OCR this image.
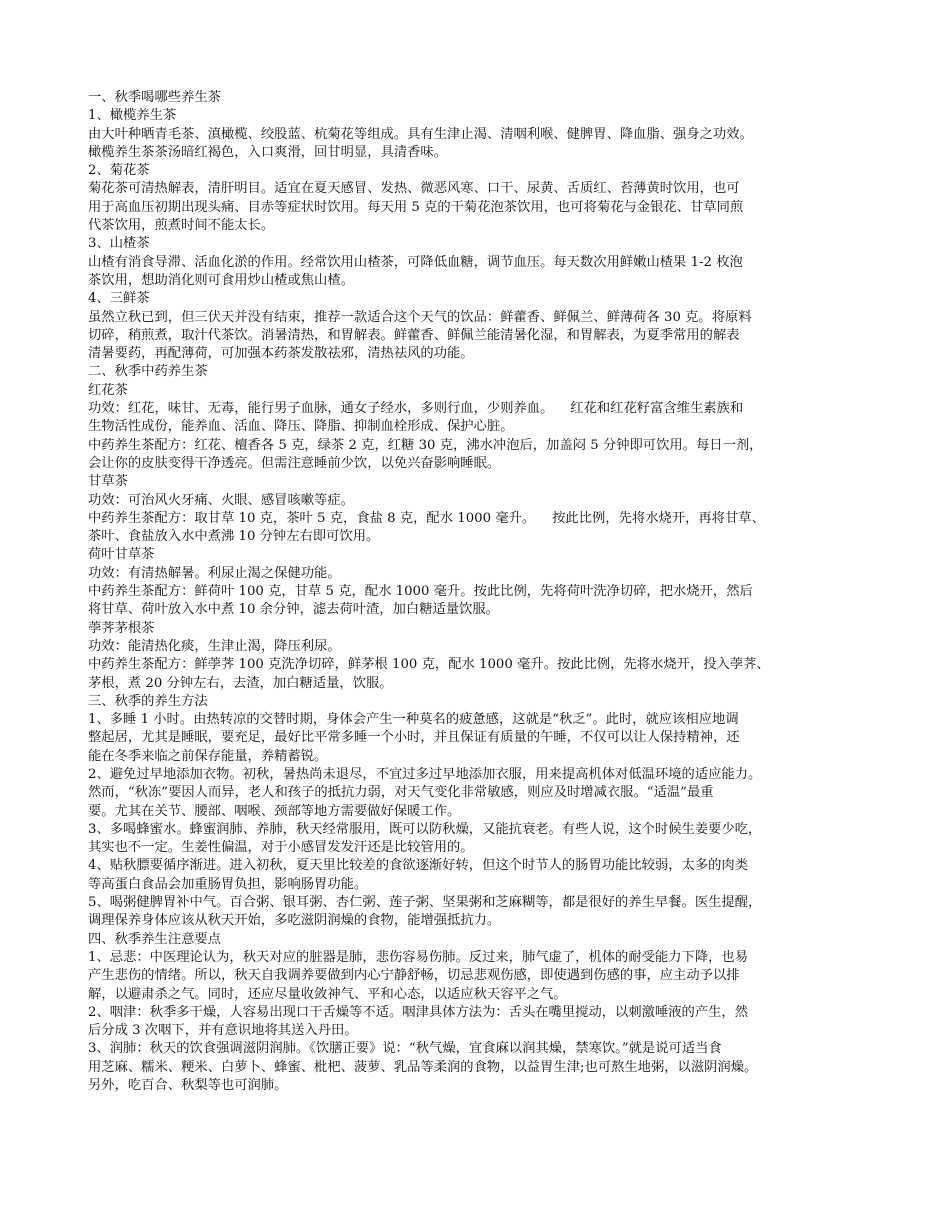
一、秋季喝哪些养生茶
1、橄榄养生茶
由大叶种晒青毛茶、滇橄榄、绞股蓝、杭菊花等组成。具有生津止渴、清咽利喉、健脾胃、降血脂、强身之功效。
橄榄养生茶茶汤暗红褐色，入口爽滑，回甘明显，具清香味。
2、菊花茶
菊花茶可清热解表，清肝明目。适宜在夏天感冒、发热、微恶风寒、口干、尿黄、舌质红、苔薄黄时饮用，也可
用于高血压初期出现头痛、目赤等症状时饮用。每天用 5 克的干菊花泡茶饮用，也可将菊花与金银花、甘草同煎
代茶饮用，煎煮时间不能太长。
3、山楂茶
山楂有消食导滞、活血化淤的作用。经常饮用山楂茶，可降低血糖，调节血压。每天数次用鲜嫩山楂果 1-2 枚泡
茶饮用，想助消化则可食用炒山楂或焦山楂。
4、三鲜茶
虽然立秋已到，但三伏天并没有结束，推荐一款适合这个天气的饮品：鲜藿香、鲜佩兰、鲜薄荷各 30 克。将原料
切碎，稍煎煮，取汁代茶饮。消暑清热，和胃解表。鲜藿香、鲜佩兰能清暑化湿，和胃解表，为夏季常用的解表
清暑要药，再配薄荷，可加强本药茶发散祛邪，清热祛风的功能。
二、秋季中药养生茶
红花茶
功效：红花，味甘、无毒，能行男子血脉，通女子经水，多则行血，少则养血。    红花和红花籽富含维生素族和
生物活性成份，能养血、活血、降压、降脂、抑制血栓形成、保护心脏。
中药养生茶配方：红花、檀香各 5 克，绿茶 2 克，红糖 30 克，沸水冲泡后，加盖闷 5 分钟即可饮用。每日一剂，
会让你的皮肤变得干净透亮。但需注意睡前少饮，以免兴奋影响睡眠。
甘草茶
功效：可治风火牙痛、火眼、感冒咳嗽等症。
中药养生茶配方：取甘草 10 克，茶叶 5 克，食盐 8 克，配水 1000 毫升。    按此比例，先将水烧开，再将甘草、
茶叶、食盐放入水中煮沸 10 分钟左右即可饮用。
荷叶甘草茶
功效：有清热解暑。利尿止渴之保健功能。
中药养生茶配方：鲜荷叶 100 克，甘草 5 克，配水 1000 毫升。按此比例，先将荷叶洗净切碎，把水烧开，然后
将甘草、荷叶放入水中煮 10 余分钟，滤去荷叶渣，加白糖适量饮服。
荸荠茅根茶
功效：能清热化痰，生津止渴，降压利尿。
中药养生茶配方：鲜荸荠 100 克洗净切碎，鲜茅根 100 克，配水 1000 毫升。按此比例，先将水烧开，投入荸荠、
茅根，煮 20 分钟左右，去渣，加白糖适量，饮服。
三、秋季的养生方法
1、多睡 1 小时。由热转凉的交替时期，身体会产生一种莫名的疲惫感，这就是“秋乏”。此时，就应该相应地调
整起居，尤其是睡眠，要充足，最好比平常多睡一个小时，并且保证有质量的午睡，不仅可以让人保持精神，还
能在冬季来临之前保存能量，养精蓄锐。
2、避免过早地添加衣物。初秋，暑热尚未退尽，不宜过多过早地添加衣服，用来提高机体对低温环境的适应能力。
然而，“秋冻”要因人而异，老人和孩子的抵抗力弱，对天气变化非常敏感，则应及时增减衣服。“适温”最重
要。尤其在关节、腰部、咽喉、颈部等地方需要做好保暖工作。
3、多喝蜂蜜水。蜂蜜润肺、养肺，秋天经常服用，既可以防秋燥，又能抗衰老。有些人说，这个时候生姜要少吃，
其实也不一定。生姜性偏温，对于小感冒发发汗还是比较管用的。
4、贴秋膘要循序渐进。进入初秋，夏天里比较差的食欲逐渐好转，但这个时节人的肠胃功能比较弱，太多的肉类
等高蛋白食品会加重肠胃负担，影响肠胃功能。
5、喝粥健脾胃补中气。百合粥、银耳粥、杏仁粥、莲子粥、坚果粥和芝麻糊等，都是很好的养生早餐。医生提醒，
调理保养身体应该从秋天开始，多吃滋阴润燥的食物，能增强抵抗力。
四、秋季养生注意要点
1、忌悲：中医理论认为，秋天对应的脏器是肺，悲伤容易伤肺。反过来，肺气虚了，机体的耐受能力下降，也易
产生悲伤的情绪。所以，秋天自我调养要做到内心宁静舒畅，切忌悲观伤感，即使遇到伤感的事，应主动予以排
解，以避肃杀之气。同时，还应尽量收敛神气、平和心态，以适应秋天容平之气。
2、咽津：秋季多干燥，人容易出现口干舌燥等不适。咽津具体方法为：舌头在嘴里搅动，以刺激唾液的产生，然
后分成 3 次咽下，并有意识地将其送入丹田。
3、润肺：秋天的饮食强调滋阴润肺。《饮膳正要》说：“秋气燥，宜食麻以润其燥，禁寒饮。”就是说可适当食
用芝麻、糯米、粳米、白萝卜、蜂蜜、枇杷、菠萝、乳品等柔润的食物，以益胃生津;也可熬生地粥，以滋阴润燥。
另外，吃百合、秋梨等也可润肺。
